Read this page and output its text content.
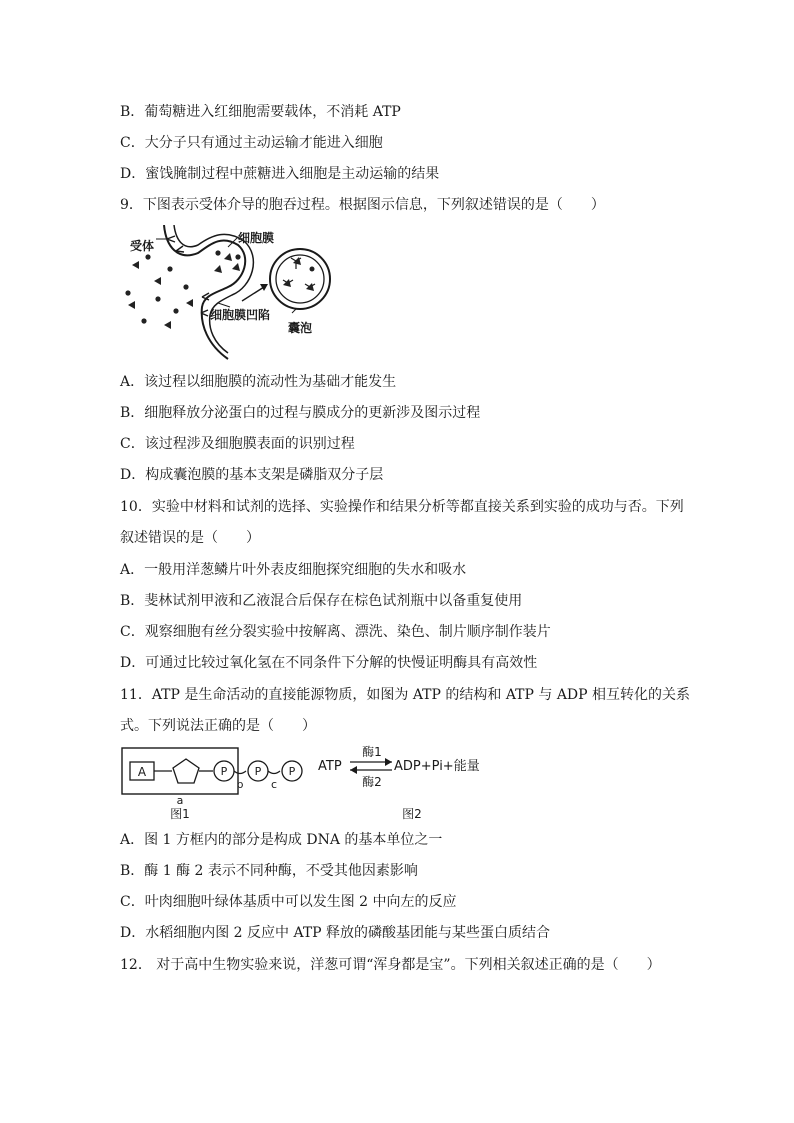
B．葡萄糖进入红细胞需要载体，不消耗 ATP
C．大分子只有通过主动运输才能进入细胞
D．蜜饯腌制过程中蔗糖进入细胞是主动运输的结果
9．下图表示受体介导的胞吞过程。根据图示信息，下列叙述错误的是（　　）
受体
细胞膜
细胞膜凹陷
囊泡
A．该过程以细胞膜的流动性为基础才能发生
B．细胞释放分泌蛋白的过程与膜成分的更新涉及图示过程
C．该过程涉及细胞膜表面的识别过程
D．构成囊泡膜的基本支架是磷脂双分子层
10．实验中材料和试剂的选择、实验操作和结果分析等都直接关系到实验的成功与否。下列
叙述错误的是（　　）
A．一般用洋葱鳞片叶外表皮细胞探究细胞的失水和吸水
B．斐林试剂甲液和乙液混合后保存在棕色试剂瓶中以备重复使用
C．观察细胞有丝分裂实验中按解离、漂洗、染色、制片顺序制作装片
D．可通过比较过氧化氢在不同条件下分解的快慢证明酶具有高效性
11．ATP 是生命活动的直接能源物质，如图为 ATP 的结构和 ATP 与 ADP 相互转化的关系
式。下列说法正确的是（　　）
A	P
b
P
c
P
a
图1
ATP
酶1
酶2
ADP+Pi+能量
图2
A．图 1 方框内的部分是构成 DNA 的基本单位之一
B．酶 1 酶 2 表示不同种酶，不受其他因素影响
C．叶肉细胞叶绿体基质中可以发生图 2 中向左的反应
D．水稻细胞内图 2 反应中 ATP 释放的磷酸基团能与某些蛋白质结合
12． 对于高中生物实验来说，洋葱可谓“浑身都是宝”。下列相关叙述正确的是（　　）
